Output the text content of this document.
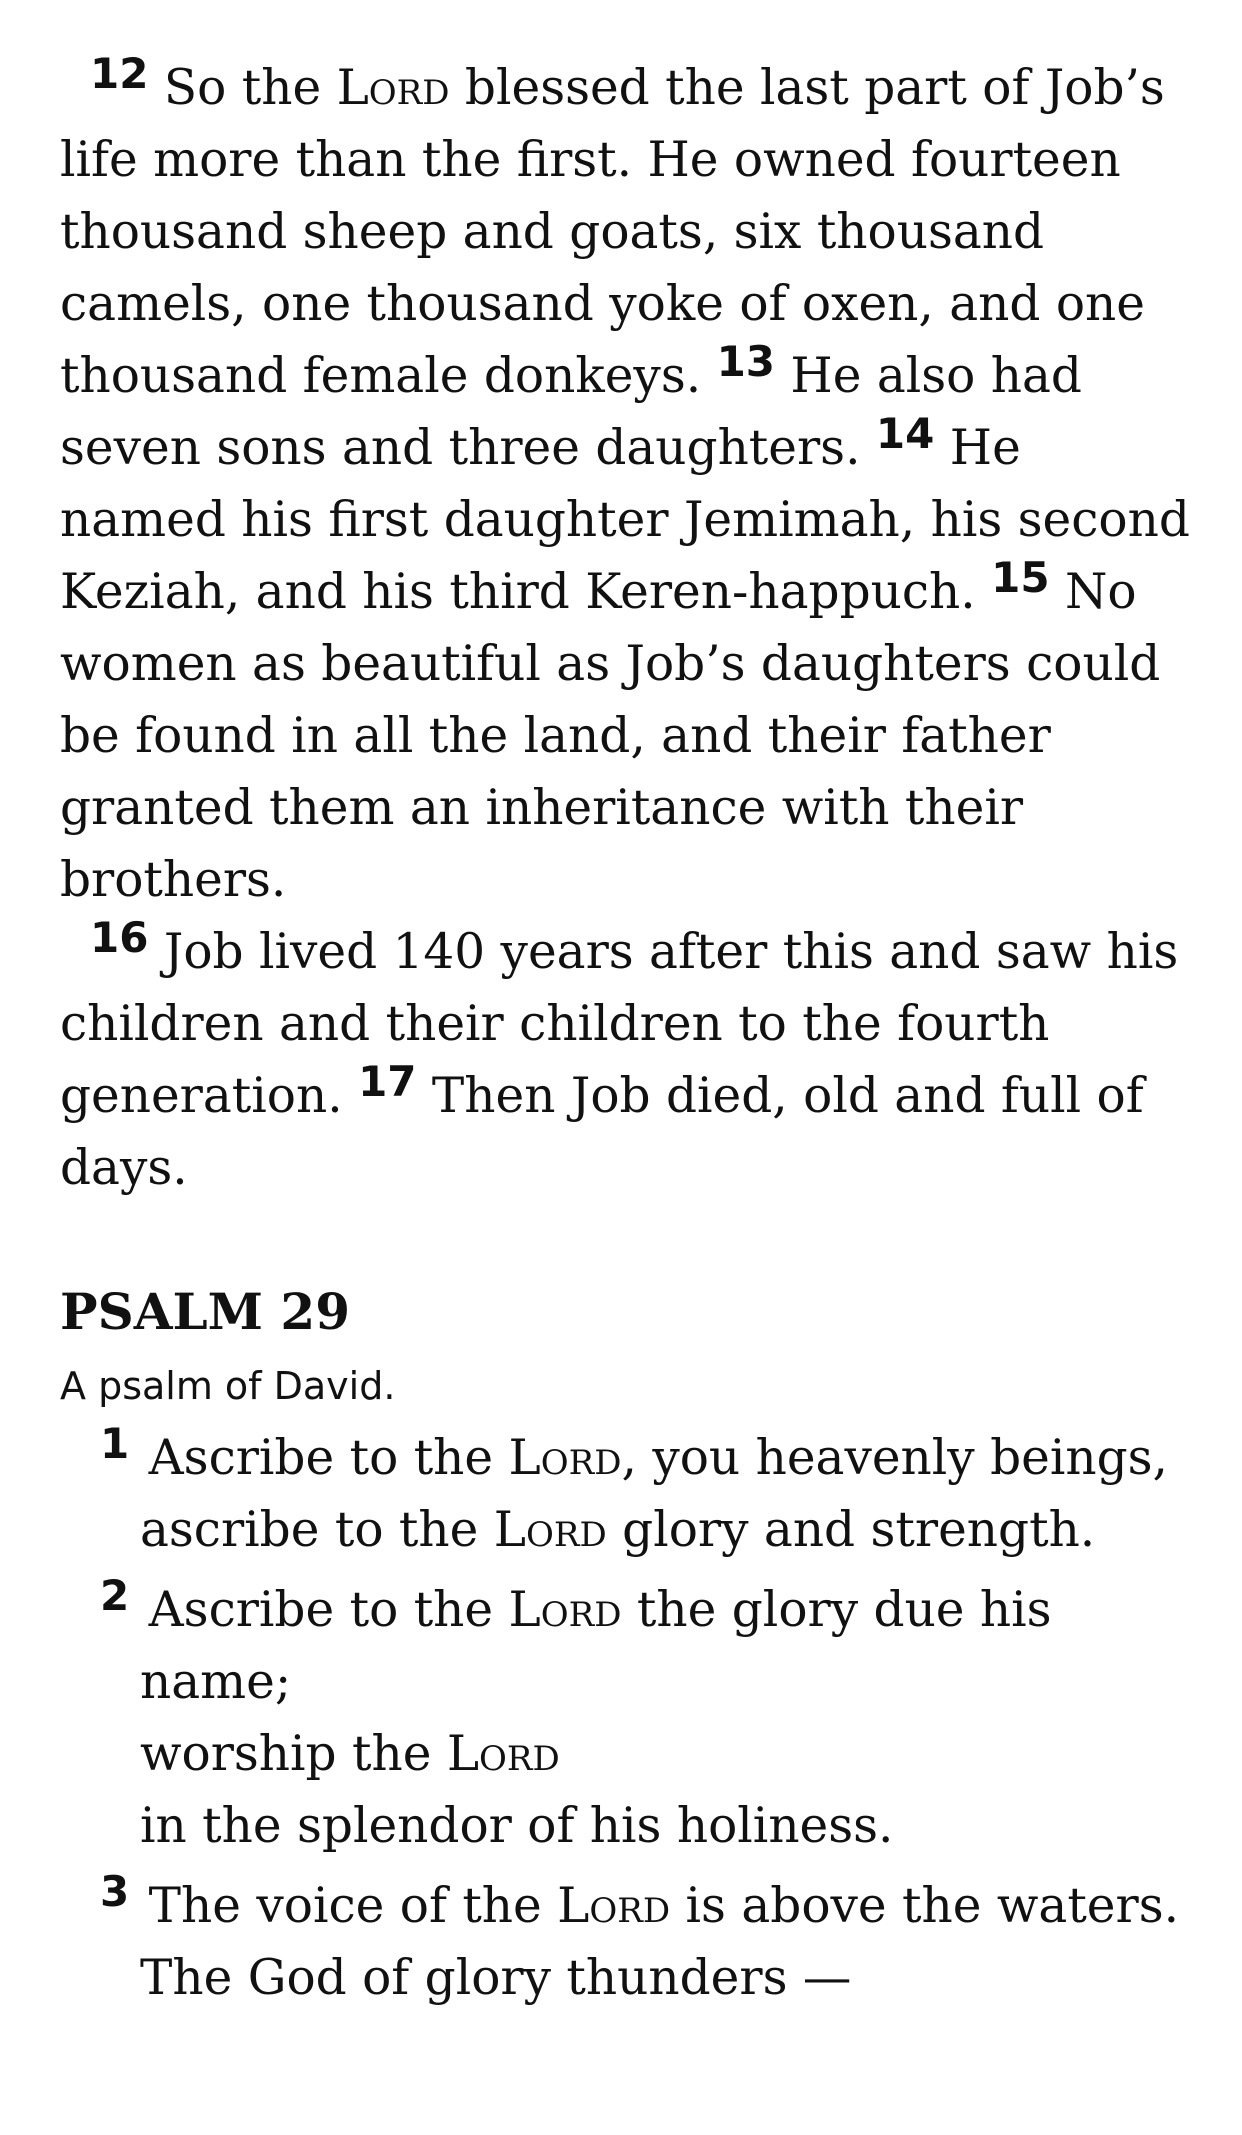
12 So the Lord blessed the last part of Job’s life more than the first. He owned fourteen thousand sheep and goats, six thousand camels, one thousand yoke of oxen, and one thousand female donkeys. 13 He also had seven sons and three daughters. 14 He named his first daughter Jemimah, his second Keziah, and his third Keren-happuch. 15 No women as beautiful as Job’s daughters could be found in all the land, and their father granted them an inheritance with their brothers.

16 Job lived 140 years after this and saw his children and their children to the fourth generation. 17 Then Job died, old and full of days.

PSALM 29
A psalm of David.
1 Ascribe to the Lord, you heavenly beings,
ascribe to the Lord glory and strength.
2 Ascribe to the Lord the glory due his name;
worship the Lord
in the splendor of his holiness.
3 The voice of the Lord is above the waters.
The God of glory thunders —
